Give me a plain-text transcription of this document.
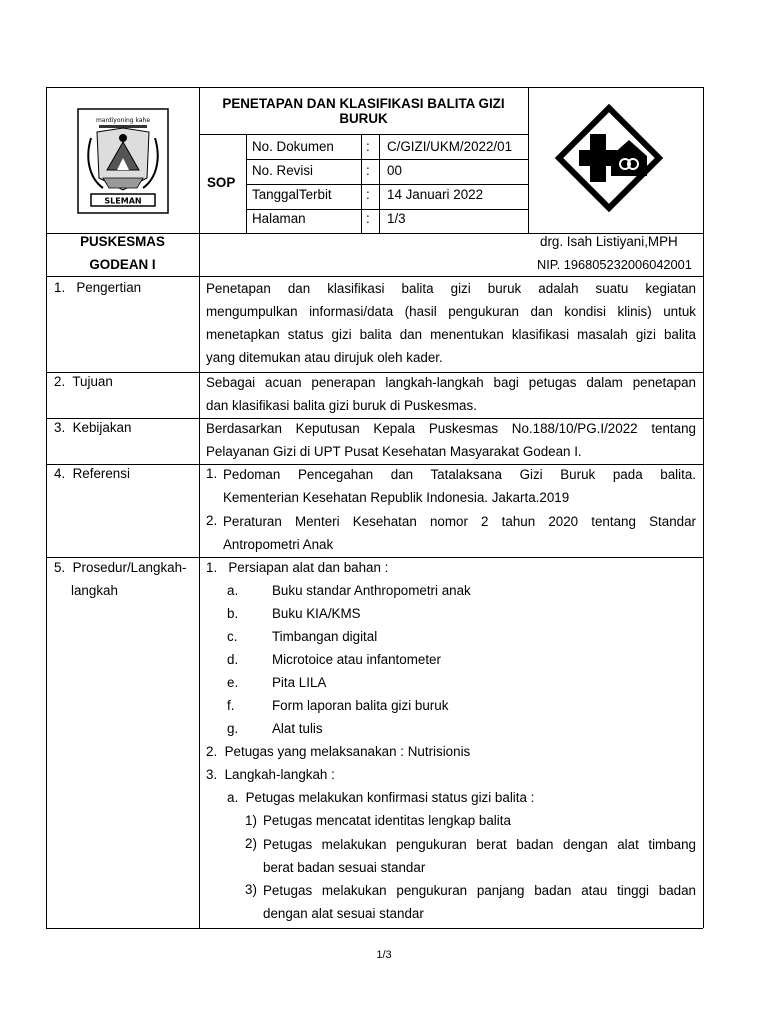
mardiyoning kahe
SLEMAN
PENETAPAN DAN KLASIFIKASI BALITA GIZI
BURUK
SOP
No. Dokumen : C/GIZI/UKM/2022/01
No. Revisi	: 00
TanggalTerbit	: 14 Januari 2022
Halaman	: 1/3
PUSKESMAS
GODEAN I
drg. Isah Listiyani,MPH
NIP. 196805232006042001
1.   Pengertian	Penetapan dan klasifikasi balita gizi buruk adalah suatu kegiatan
mengumpulkan informasi/data (hasil pengukuran dan kondisi klinis) untuk
menetapkan status gizi balita dan menentukan klasifikasi masalah gizi balita
yang ditemukan atau dirujuk oleh kader.
2.  Tujuan	Sebagai acuan penerapan langkah-langkah bagi petugas dalam penetapan
dan klasifikasi balita gizi buruk di Puskesmas.
3.  Kebijakan	Berdasarkan Keputusan Kepala Puskesmas No.188/10/PG.I/2022 tentang
Pelayanan Gizi di UPT Pusat Kesehatan Masyarakat Godean I.
4.  Referensi	1. Pedoman Pencegahan dan Tatalaksana Gizi Buruk pada balita.
Kementerian Kesehatan Republik Indonesia. Jakarta.2019
2. Peraturan Menteri Kesehatan nomor 2 tahun 2020 tentang Standar
Antropometri Anak
5.  Prosedur/Langkah-
langkah
1.   Persiapan alat dan bahan :
a.	Buku standar Anthropometri anak
b.	Buku KIA/KMS
c.	Timbangan digital
d.	Microtoice atau infantometer
e.	Pita LILA
f.	Form laporan balita gizi buruk
g.	Alat tulis
2.  Petugas yang melaksanakan : Nutrisionis
3.  Langkah-langkah :
a.  Petugas melakukan konfirmasi status gizi balita :
1) Petugas mencatat identitas lengkap balita
2) Petugas melakukan pengukuran berat badan dengan alat timbang
berat badan sesuai standar
3) Petugas melakukan pengukuran panjang badan atau tinggi badan
dengan alat sesuai standar
1/3
